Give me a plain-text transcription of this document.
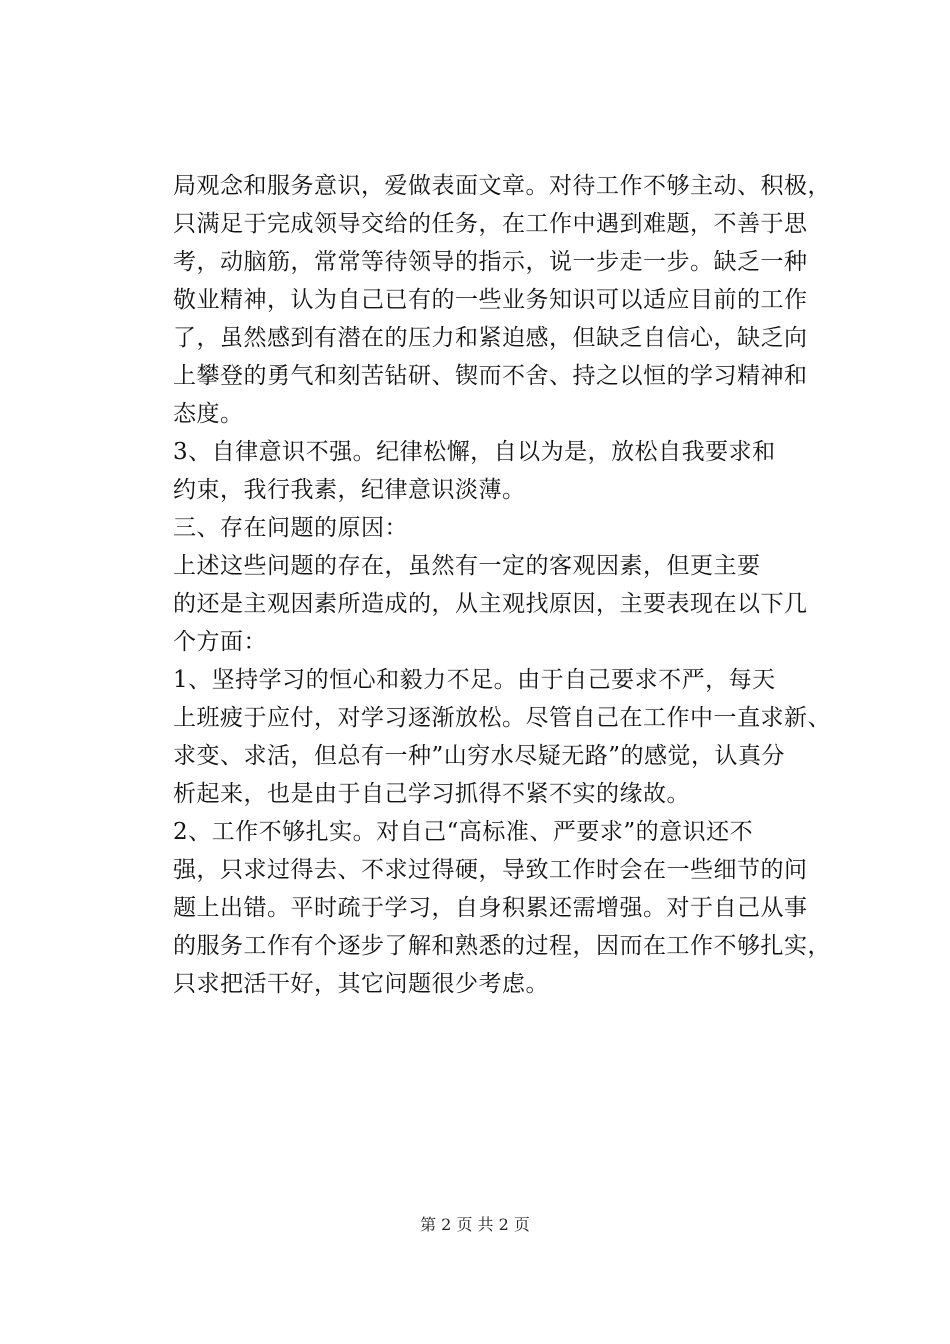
局观念和服务意识，爱做表面文章。对待工作不够主动、积极，
只满足于完成领导交给的任务，在工作中遇到难题，不善于思
考，动脑筋，常常等待领导的指示，说一步走一步。缺乏一种
敬业精神，认为自己已有的一些业务知识可以适应目前的工作
了，虽然感到有潜在的压力和紧迫感，但缺乏自信心，缺乏向
上攀登的勇气和刻苦钻研、锲而不舍、持之以恒的学习精神和
态度。
3、自律意识不强。纪律松懈，自以为是，放松自我要求和
约束，我行我素，纪律意识淡薄。
三、存在问题的原因：
上述这些问题的存在，虽然有一定的客观因素，但更主要
的还是主观因素所造成的，从主观找原因，主要表现在以下几
个方面：
1、坚持学习的恒心和毅力不足。由于自己要求不严，每天
上班疲于应付，对学习逐渐放松。尽管自己在工作中一直求新、
求变、求活，但总有一种”山穷水尽疑无路”的感觉，认真分
析起来，也是由于自己学习抓得不紧不实的缘故。
2、工作不够扎实。对自己“高标准、严要求”的意识还不
强，只求过得去、不求过得硬，导致工作时会在一些细节的问
题上出错。平时疏于学习，自身积累还需增强。对于自己从事
的服务工作有个逐步了解和熟悉的过程，因而在工作不够扎实，
只求把活干好，其它问题很少考虑。
第 2 页 共 2 页
